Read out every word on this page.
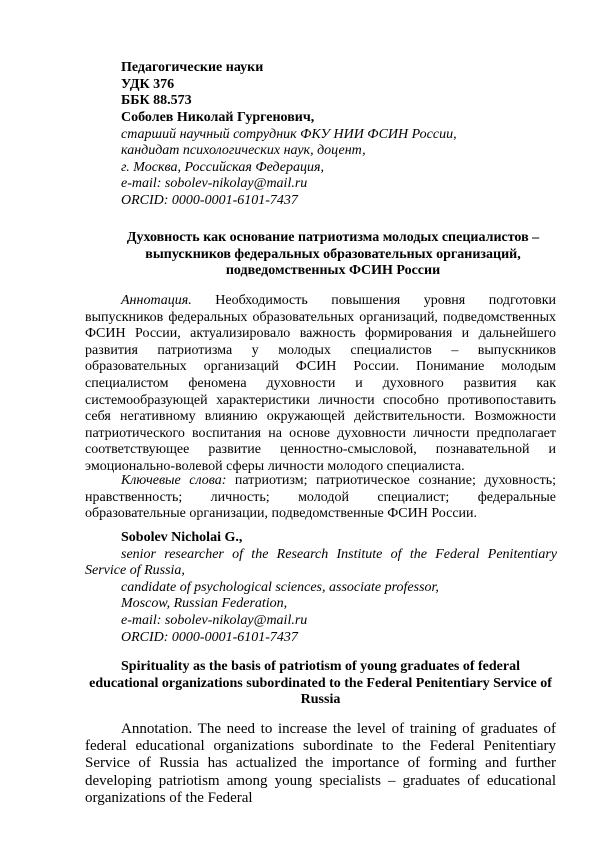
Педагогические науки
УДК 376
ББК 88.573
Соболев Николай Гургенович,
старший научный сотрудник ФКУ НИИ ФСИН России,
кандидат психологических наук, доцент,
г. Москва, Российская Федерация,
e-mail: sobolev-nikolay@mail.ru
ORCID: 0000-0001-6101-7437
Духовность как основание патриотизма молодых специалистов – выпускников федеральных образовательных организаций, подведомственных ФСИН России
Аннотация. Необходимость повышения уровня подготовки выпускников федеральных образовательных организаций, подведомственных ФСИН России, актуализировало важность формирования и дальнейшего развития патриотизма у молодых специалистов – выпускников образовательных организаций ФСИН России. Понимание молодым специалистом феномена духовности и духовного развития как системообразующей характеристики личности способно противопоставить себя негативному влиянию окружающей действительности. Возможности патриотического воспитания на основе духовности личности предполагает соответствующее развитие ценностно-смысловой, познавательной и эмоционально-волевой сферы личности молодого специалиста.
Ключевые слова: патриотизм; патриотическое сознание; духовность; нравственность; личность; молодой специалист; федеральные образовательные организации, подведомственные ФСИН России.
Sobolev Nicholai G.,
senior researcher of the Research Institute of the Federal Penitentiary Service of Russia,
candidate of psychological sciences, associate professor,
Moscow, Russian Federation,
e-mail: sobolev-nikolay@mail.ru
ORCID: 0000-0001-6101-7437
Spirituality as the basis of patriotism of young graduates of federal educational organizations subordinated to the Federal Penitentiary Service of Russia
Annotation. The need to increase the level of training of graduates of federal educational organizations subordinate to the Federal Penitentiary Service of Russia has actualized the importance of forming and further developing patriotism among young specialists – graduates of educational organizations of the Federal
